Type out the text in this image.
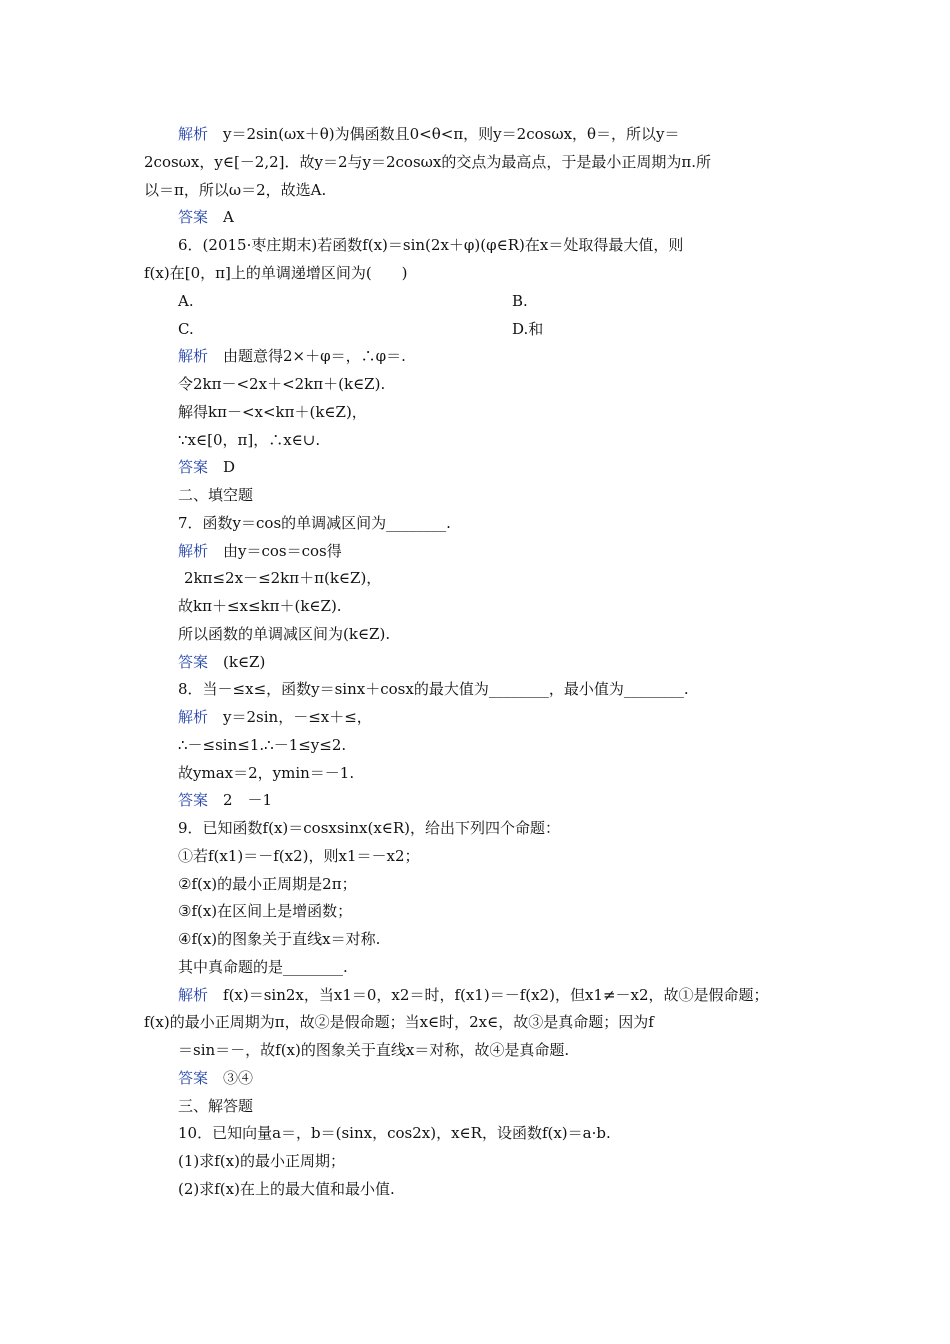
解析　y＝2sin(ωx＋θ)为偶函数且0<θ<π，则y＝2cosωx，θ＝，所以y＝
2cosωx，y∈[－2,2]．故y＝2与y＝2cosωx的交点为最高点，于是最小正周期为π.所
以＝π，所以ω＝2，故选A.
答案　A
6．(2015·枣庄期末)若函数f(x)＝sin(2x＋φ)(φ∈R)在x＝处取得最大值，则
f(x)在[0，π]上的单调递增区间为(　　)
A.	B.
C.	D.和
解析　由题意得2×＋φ＝，∴φ＝.
令2kπ－<2x＋<2kπ＋(k∈Z).
解得kπ－<x<kπ＋(k∈Z)，
∵x∈[0，π]，∴x∈∪.
答案　D
二、填空题
7．函数y＝cos的单调减区间为________.
解析　由y＝cos＝cos得
2kπ≤2x－≤2kπ＋π(k∈Z)，
故kπ＋≤x≤kπ＋(k∈Z).
所以函数的单调减区间为(k∈Z).
答案　(k∈Z)
8．当－≤x≤，函数y＝sinx＋cosx的最大值为________，最小值为________.
解析　y＝2sin，－≤x＋≤，
∴－≤sin≤1.∴－1≤y≤2.
故ymax＝2，ymin＝－1.
答案　2　－1
9．已知函数f(x)＝cosxsinx(x∈R)，给出下列四个命题：
①若f(x1)＝－f(x2)，则x1＝－x2；
②f(x)的最小正周期是2π；
③f(x)在区间上是增函数；
④f(x)的图象关于直线x＝对称.
其中真命题的是________.
解析　f(x)＝sin2x，当x1＝0，x2＝时，f(x1)＝－f(x2)，但x1≠－x2，故①是假命题；
f(x)的最小正周期为π，故②是假命题；当x∈时，2x∈，故③是真命题；因为f
＝sin＝－，故f(x)的图象关于直线x＝对称，故④是真命题.
答案　③④
三、解答题
10．已知向量a＝，b＝(sinx，cos2x)，x∈R，设函数f(x)＝a·b.
(1)求f(x)的最小正周期；
(2)求f(x)在上的最大值和最小值.
